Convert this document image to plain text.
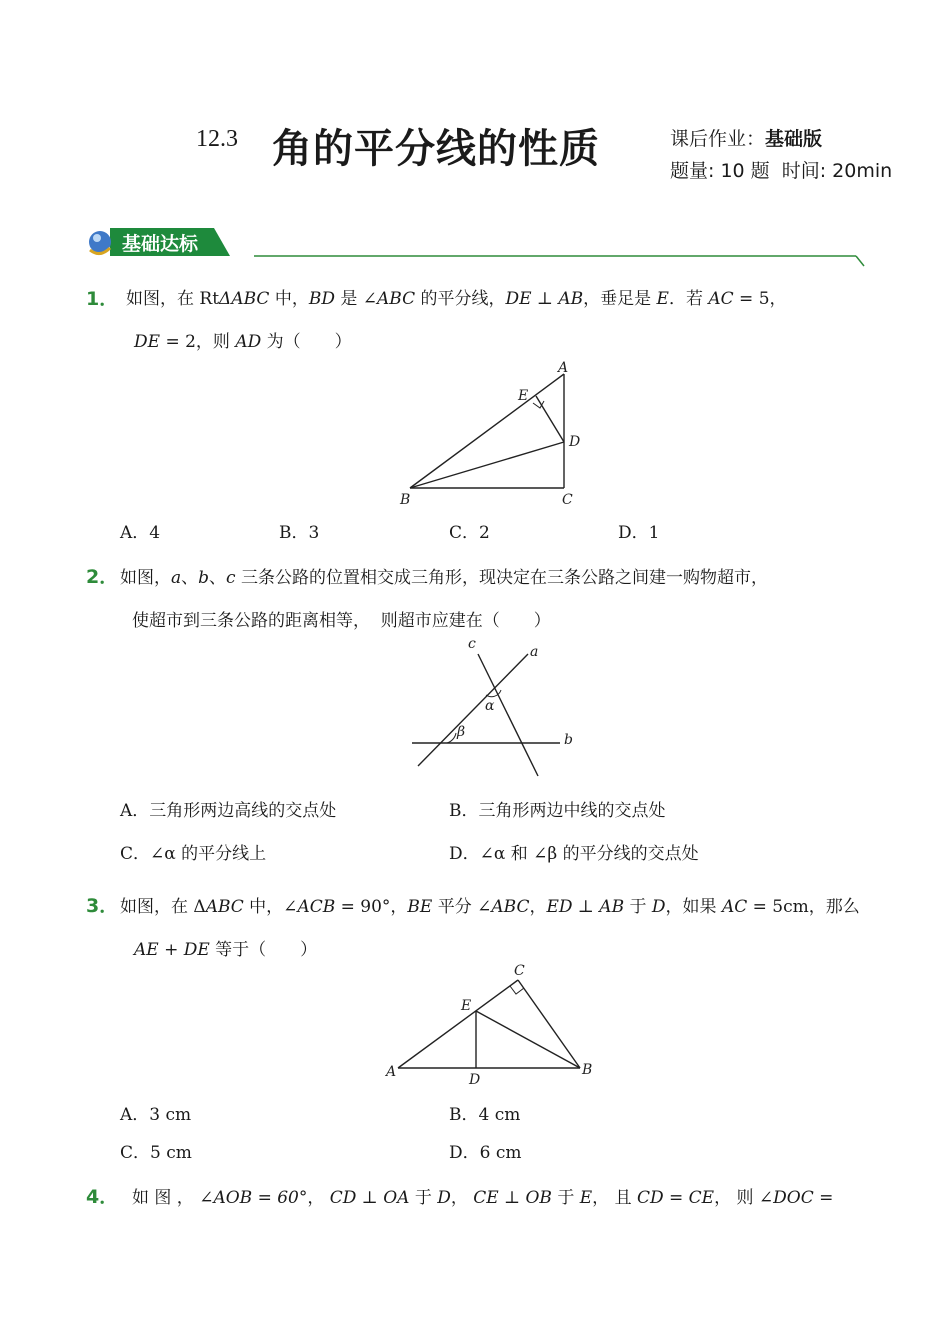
12.3 角的平分线的性质	课后作业：基础版
题量: 10 题  时间: 20min
基础达标
1． 如图，在 RtΔABC 中，BD 是 ∠ABC 的平分线，DE ⊥ AB，垂足是 E．若 AC = 5，
DE = 2，则 AD 为（　　）
A
E
D
B	C
A．4	B．3	C．2	D．1
2． 如图，a、b、c 三条公路的位置相交成三角形，现决定在三条公路之间建一购物超市，
使超市到三条公路的距离相等，  则超市应建在（　　）
c	a
b
α
β
A．三角形两边高线的交点处	B．三角形两边中线的交点处
C．∠α 的平分线上	D．∠α 和 ∠β 的平分线的交点处
3． 如图，在 ΔABC 中，∠ACB = 90°，BE 平分 ∠ABC，ED ⊥ AB 于 D，如果 AC = 5cm，那么
AE + DE 等于（　　）
C
E
A	B
D
A．3 cm	B．4 cm
C．5 cm	D．6 cm
4． 如 图 ， ∠AOB = 60°， CD ⊥ OA 于 D， CE ⊥ OB 于 E， 且 CD = CE， 则 ∠DOC =
